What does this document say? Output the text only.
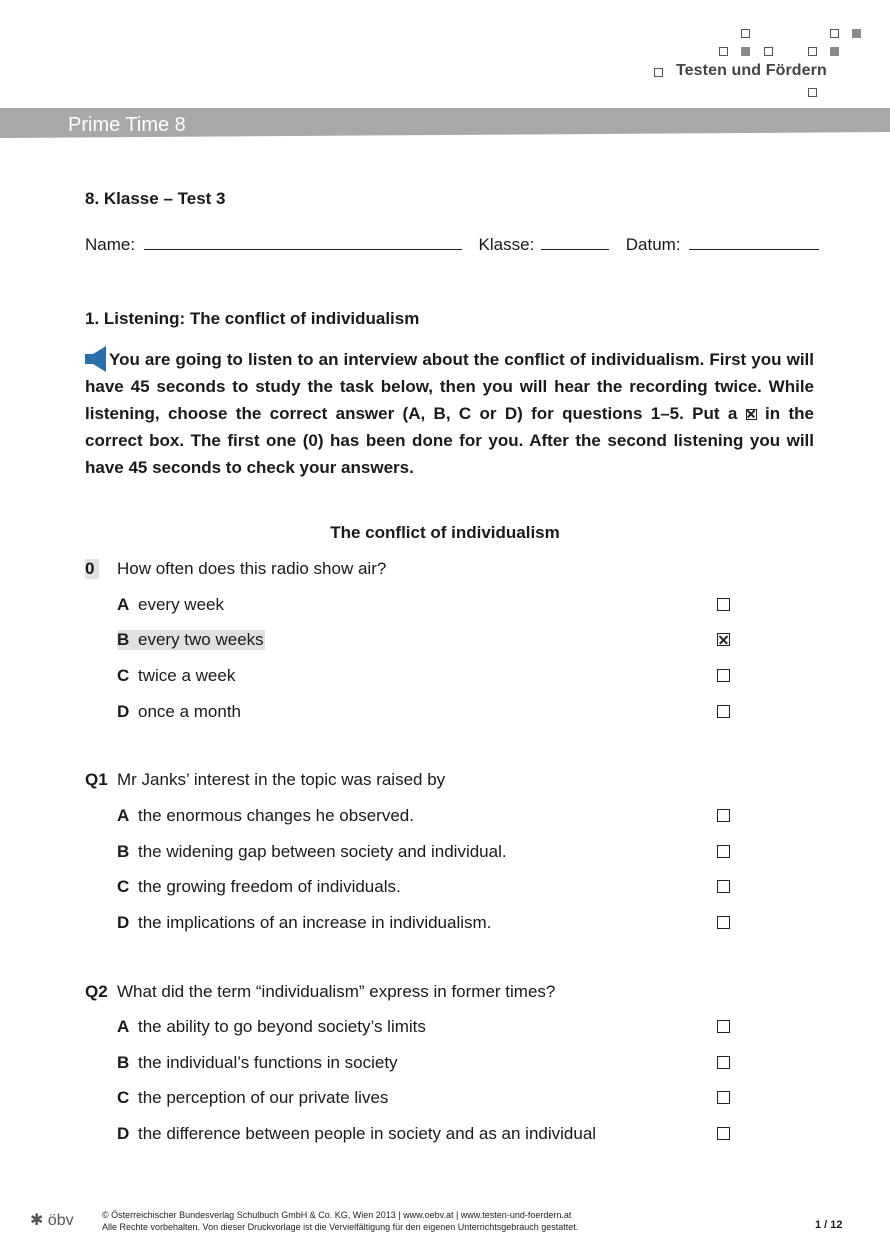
Testen und Fördern
Prime Time 8
8. Klasse – Test 3
Name:	Klasse:	Datum:
1. Listening: The conflict of individualism
You are going to listen to an interview about the conflict of individualism. First you will have 45 seconds to study the task below, then you will hear the recording twice. While listening, choose the correct answer (A, B, C or D) for questions 1–5. Put a ☒ in the correct box. The first one (0) has been done for you. After the second listening you will have 45 seconds to check your answers.
The conflict of individualism
0 How often does this radio show air?
A every week
B every two weeks
C twice a week
D once a month
Q1 Mr Janks’ interest in the topic was raised by
A the enormous changes he observed.
B the widening gap between society and individual.
C the growing freedom of individuals.
D the implications of an increase in individualism.
Q2 What did the term “individualism” express in former times?
A the ability to go beyond society’s limits
B the individual’s functions in society
C the perception of our private lives
D the difference between people in society and as an individual
✱ öbv	© Österreichischer Bundesverlag Schulbuch GmbH & Co. KG, Wien 2013 | www.oebv.at | www.testen-und-foerdern.at
Alle Rechte vorbehalten. Von dieser Druckvorlage ist die Vervielfältigung für den eigenen Unterrichtsgebrauch gestattet.	1 / 12
